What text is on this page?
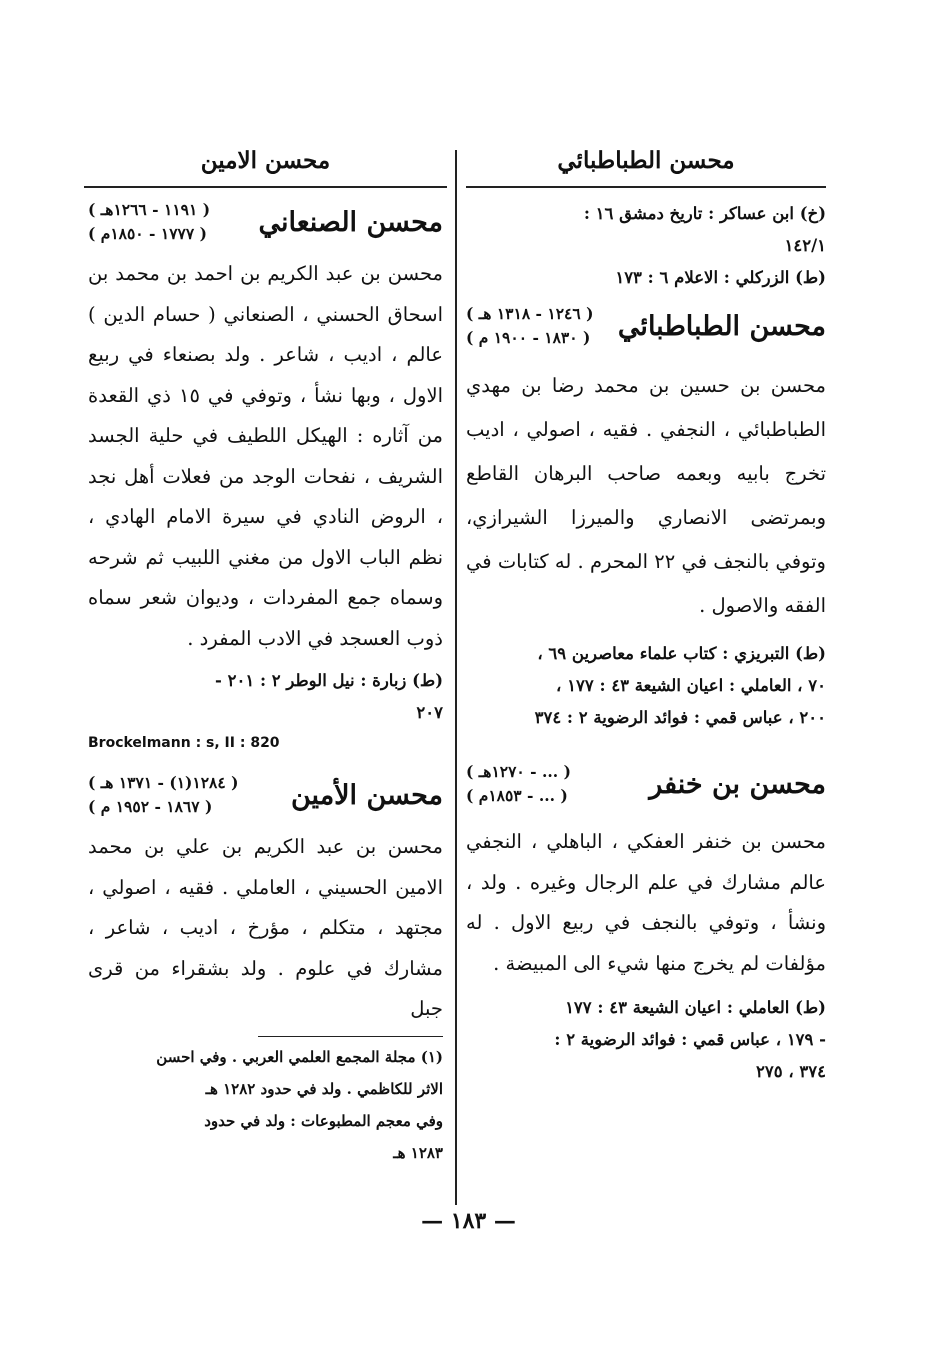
محسن الطباطبائي

(خ) ابن عساكر : تاريخ دمشق ١٦ :

١٤٢/١

(ط) الزركلي : الاعلام ٦ : ١٧٣

محسن الطباطبائي
( ١٢٤٦ - ١٣١٨ هـ )
( ١٨٣٠ - ١٩٠٠ م )

محسن بن حسين بن محمد رضا بن مهدي الطباطبائي ، النجفي . فقيه ، اصولي ، اديب تخرج بابيه وبعمه صاحب البرهان القاطع وبمرتضى الانصاري والميرزا الشيرازي، وتوفي بالنجف في ٢٢ المحرم . له كتابات في الفقه والاصول .

(ط) التبريزي : كتاب علماء معاصرين ٦٩ ،

٧٠ ، العاملي : اعيان الشيعة ٤٣ : ١٧٧ ،

٢٠٠ ، عباس قمي : فوائد الرضوية ٢ : ٣٧٤

محسن بن خنفر
( ... - ١٢٧٠هـ )
( ... - ١٨٥٣م )

محسن بن خنفر العفكي ، الباهلي ، النجفي عالم مشارك في علم الرجال وغيره . ولد ، ونشأ ، وتوفي بالنجف في ربيع الاول . له مؤلفات لم يخرج منها شيء الى المبيضة .

(ط) العاملي : اعيان الشيعة ٤٣ : ١٧٧

- ١٧٩ ، عباس قمي : فوائد الرضوية ٢ :

٣٧٤ ، ٢٧٥

محسن الامين
محسن الصنعاني
( ١١٩١ - ١٢٦٦هـ )
( ١٧٧٧ - ١٨٥٠م )

محسن بن عبد الكريم بن احمد بن محمد بن اسحاق الحسني ، الصنعاني ( حسام الدين ) عالم ، اديب ، شاعر . ولد بصنعاء في ربيع الاول ، وبها نشأ ، وتوفي في ١٥ ذي القعدة من آثاره : الهيكل اللطيف في حلية الجسد الشريف ، نفحات الوجد من فعلات أهل نجد ، الروض النادي في سيرة الامام الهادي ، نظم الباب الاول من مغني اللبيب ثم شرحه وسماه جمع المفردات ، وديوان شعر سماه ذوب العسجد في الادب المفرد .

(ط) زبارة : نيل الوطر ٢ : ٢٠١ -

٢٠٧

Brockelmann : s, II : 820

محسن الأمين
( ١٢٨٤(١) - ١٣٧١ هـ )
( ١٨٦٧ - ١٩٥٢ م )

محسن بن عبد الكريم بن علي بن محمد الامين الحسيني ، العاملي . فقيه ، اصولي ، مجتهد ، متكلم ، مؤرخ ، اديب ، شاعر ، مشارك في علوم . ولد بشقراء من قرى جبل

(١) مجلة المجمع العلمي العربي . وفي احسن

الاثر للكاظمي . ولد في حدود ١٢٨٢ هـ

وفي معجم المطبوعات : ولد في حدود

١٢٨٣ هـ

— ١٨٣ —
